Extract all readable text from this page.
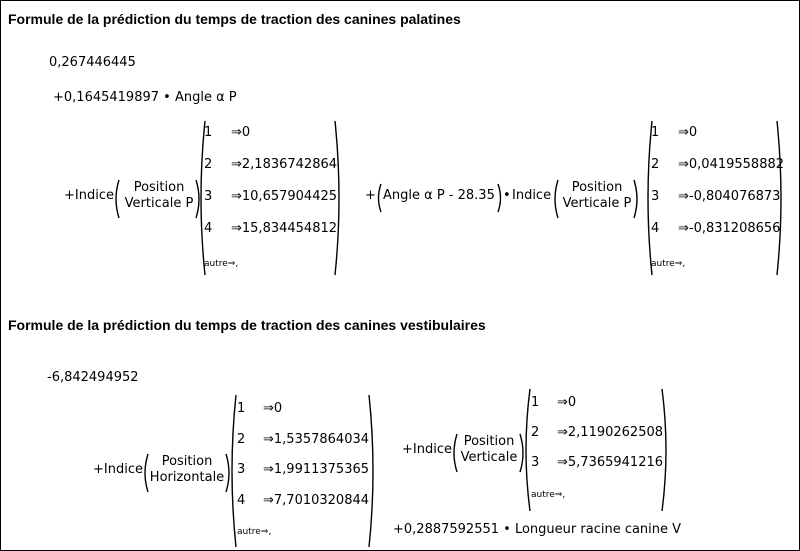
Formule de la prédiction du temps de traction des canines palatines
0,267446445
+0,1645419897 • Angle α P
+Indice
Position
Verticale P
1 ⇒0
2 ⇒2,1836742864
3 ⇒10,657904425
4 ⇒15,834454812
autre⇒,
+ Angle α P - 28.35 • Indice
Position
Verticale P
1 ⇒0
2 ⇒0,0419558882
3 ⇒-0,804076873
4 ⇒-0,831208656
autre⇒,
Formule de la prédiction du temps de traction des canines vestibulaires
-6,842494952
+Indice
Position
Horizontale
1 ⇒0
2 ⇒1,5357864034
3 ⇒1,9911375365
4 ⇒7,7010320844
autre⇒,
+Indice
Position
Verticale
1 ⇒0
2 ⇒2,1190262508
3 ⇒5,7365941216
autre⇒,
+0,2887592551 • Longueur racine canine V
